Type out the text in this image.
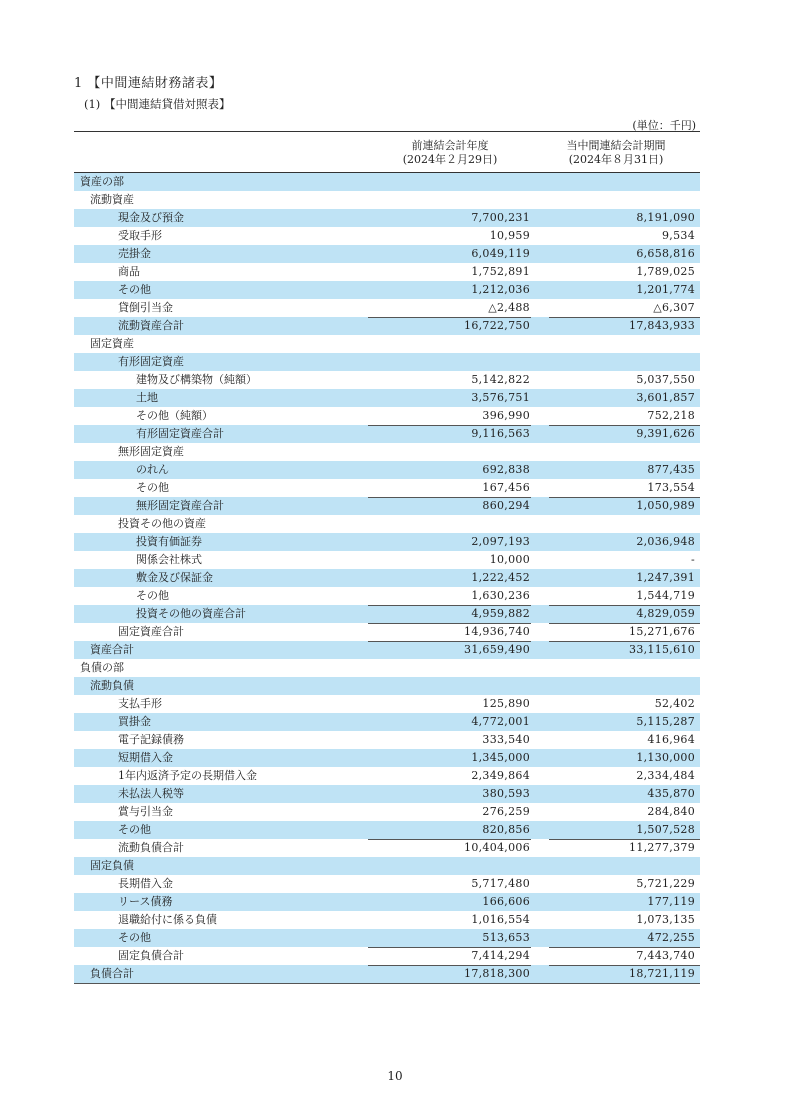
1 【中間連結財務諸表】
(1) 【中間連結貸借対照表】
(単位：千円)
前連結会計年度
(2024年２月29日)
当中間連結会計期間
(2024年８月31日)
資産の部
流動資産
現金及び預金	7,700,231	8,191,090
受取手形	10,959	9,534
売掛金	6,049,119	6,658,816
商品	1,752,891	1,789,025
その他	1,212,036	1,201,774
貸倒引当金	△2,488	△6,307
流動資産合計	16,722,750	17,843,933
固定資産
有形固定資産
建物及び構築物（純額）	5,142,822	5,037,550
土地	3,576,751	3,601,857
その他（純額）	396,990	752,218
有形固定資産合計	9,116,563	9,391,626
無形固定資産
のれん	692,838	877,435
その他	167,456	173,554
無形固定資産合計	860,294	1,050,989
投資その他の資産
投資有価証券	2,097,193	2,036,948
関係会社株式	10,000	-
敷金及び保証金	1,222,452	1,247,391
その他	1,630,236	1,544,719
投資その他の資産合計	4,959,882	4,829,059
固定資産合計	14,936,740	15,271,676
資産合計	31,659,490	33,115,610
負債の部
流動負債
支払手形	125,890	52,402
買掛金	4,772,001	5,115,287
電子記録債務	333,540	416,964
短期借入金	1,345,000	1,130,000
1年内返済予定の長期借入金	2,349,864	2,334,484
未払法人税等	380,593	435,870
賞与引当金	276,259	284,840
その他	820,856	1,507,528
流動負債合計	10,404,006	11,277,379
固定負債
長期借入金	5,717,480	5,721,229
リース債務	166,606	177,119
退職給付に係る負債	1,016,554	1,073,135
その他	513,653	472,255
固定負債合計	7,414,294	7,443,740
負債合計	17,818,300	18,721,119
10
